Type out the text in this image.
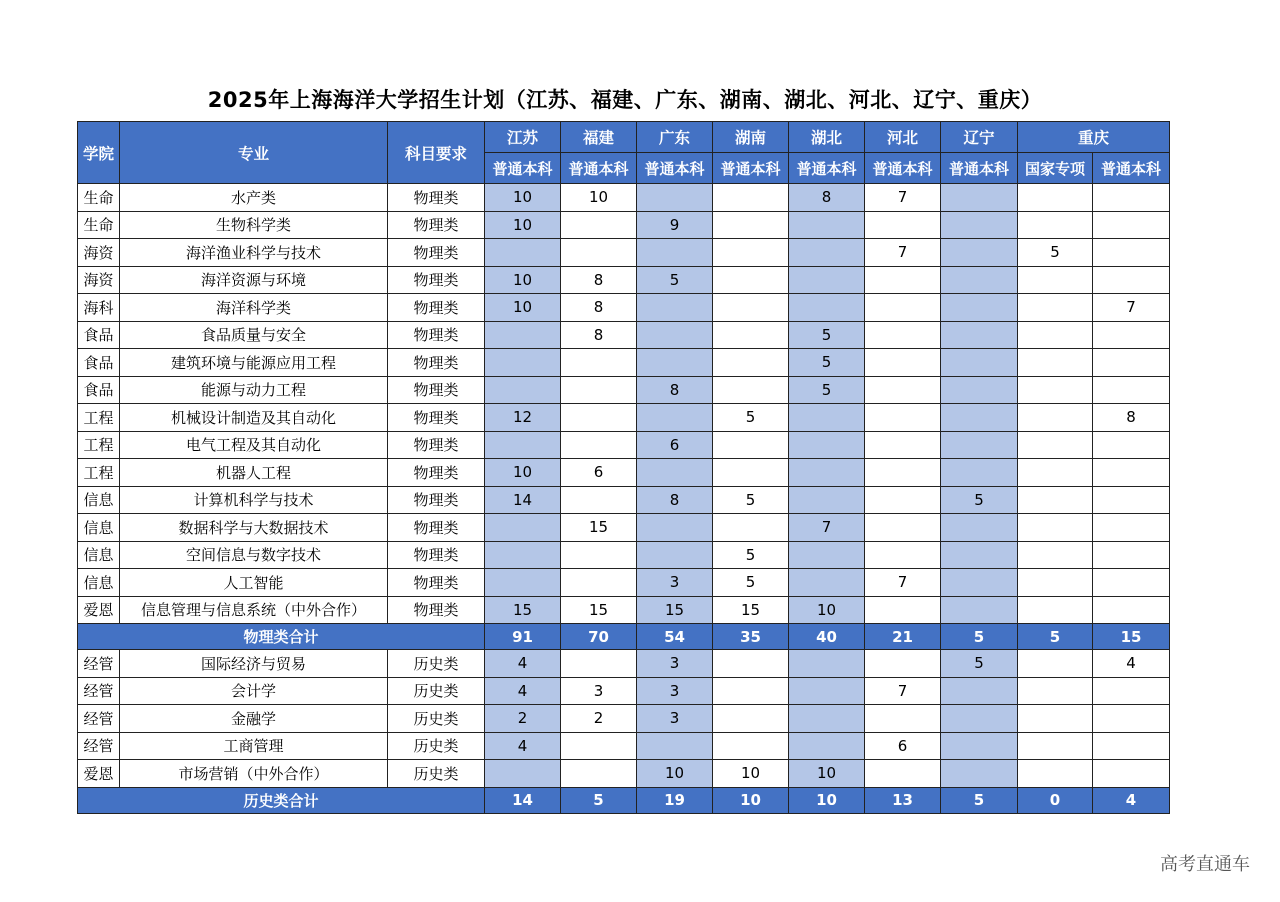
2025年上海海洋大学招生计划（江苏、福建、广东、湖南、湖北、河北、辽宁、重庆）
学院	专业	科目要求	江苏	福建	广东	湖南	湖北	河北	辽宁	重庆	
			普通本科	普通本科	普通本科	普通本科	普通本科	普通本科	普通本科	国家专项	普通本科
生命	水产类	物理类	10	10			8	7			
生命	生物科学类	物理类	10		9						
海资	海洋渔业科学与技术	物理类						7		5	
海资	海洋资源与环境	物理类	10	8	5						
海科	海洋科学类	物理类	10	8							7
食品	食品质量与安全	物理类		8			5				
食品	建筑环境与能源应用工程	物理类					5				
食品	能源与动力工程	物理类			8		5				
工程	机械设计制造及其自动化	物理类	12			5					8
工程	电气工程及其自动化	物理类			6						
工程	机器人工程	物理类	10	6							
信息	计算机科学与技术	物理类	14		8	5			5		
信息	数据科学与大数据技术	物理类		15			7				
信息	空间信息与数字技术	物理类				5					
信息	人工智能	物理类			3	5		7			
爱恩	信息管理与信息系统（中外合作）	物理类	15	15	15	15	10				
物理类合计			91	70	54	35	40	21	5	5	15
经管	国际经济与贸易	历史类	4		3				5		4
经管	会计学	历史类	4	3	3			7			
经管	金融学	历史类	2	2	3						
经管	工商管理	历史类	4					6			
爱恩	市场营销（中外合作）	历史类			10	10	10				
历史类合计			14	5	19	10	10	13	5	0	4
高考直通车
